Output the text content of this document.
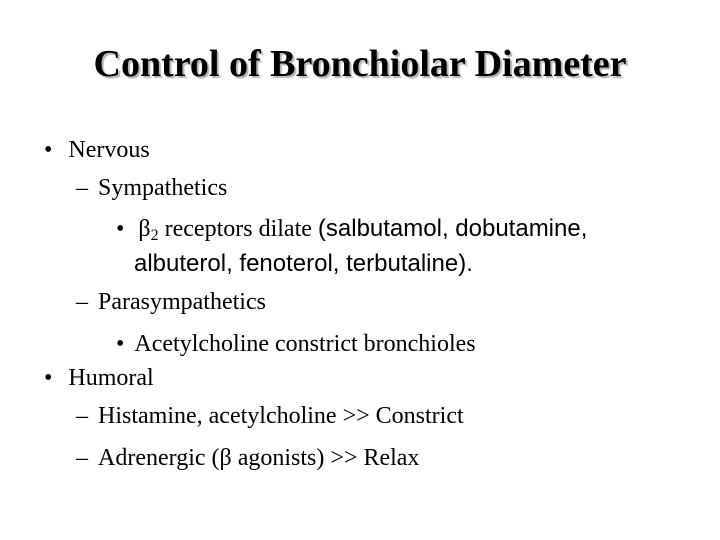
Control of Bronchiolar Diameter
• Nervous
– Sympathetics
• $\beta_2$ receptors dilate (salbutamol, dobutamine,
albuterol, fenoterol, terbutaline).
– Parasympathetics
• Acetylcholine constrict bronchioles
• Humoral
– Histamine, acetylcholine >> Constrict
– Adrenergic (β agonists) >> Relax
